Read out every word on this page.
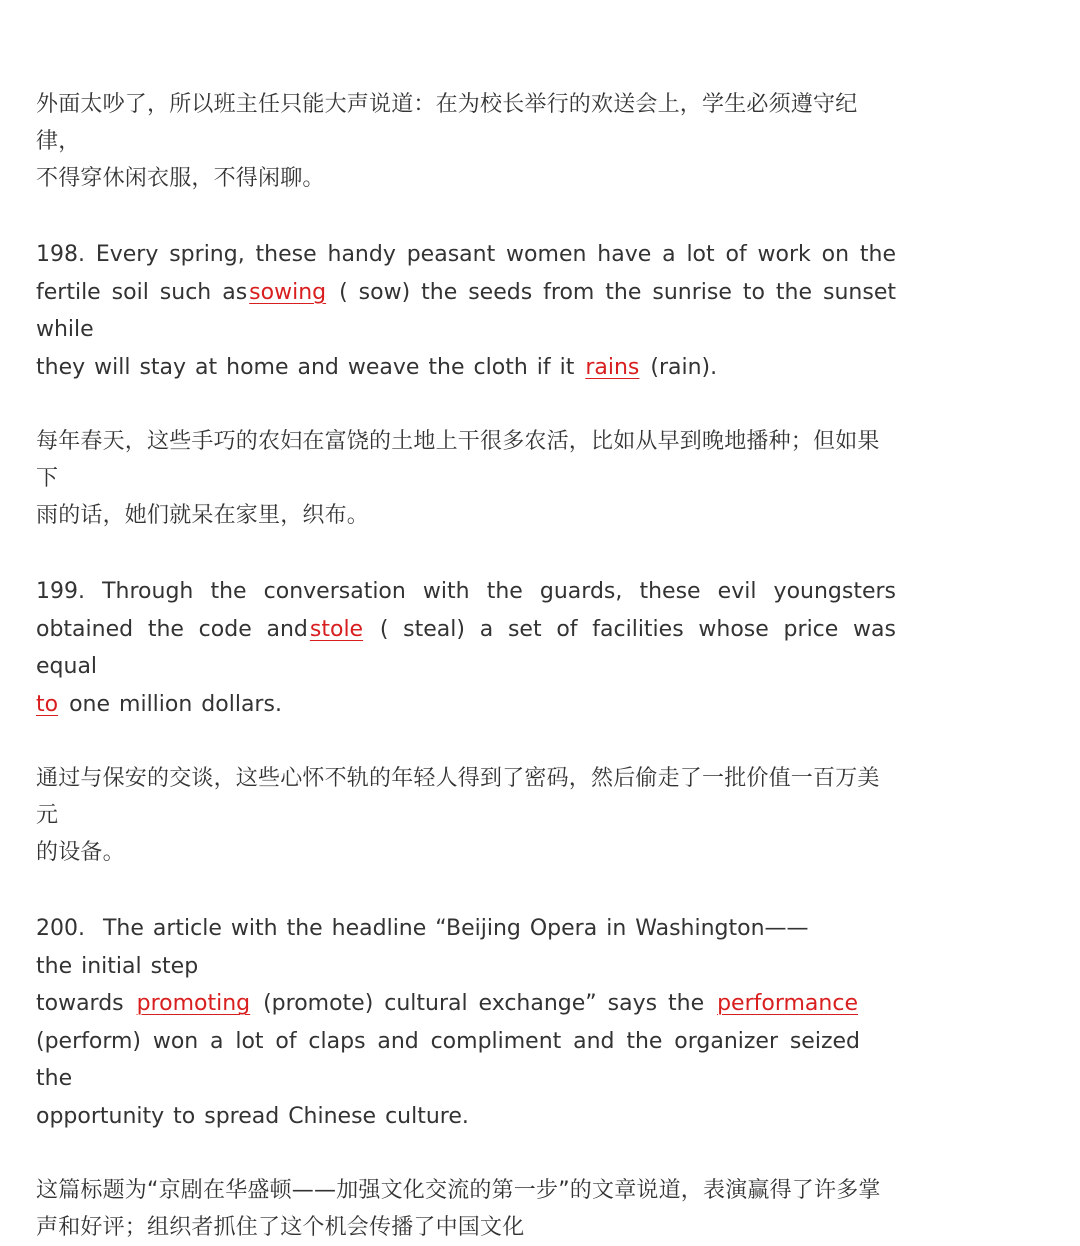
外面太吵了，所以班主任只能大声说道：在为校长举行的欢送会上，学生必须遵守纪律，
不得穿休闲衣服，不得闲聊。

198. Every spring, these handy peasant women have a lot of work on the
fertile soil such assowing ( sow) the seeds from the sunrise to the sunset while
they will stay at home and weave the cloth if it rains (rain).

每年春天，这些手巧的农妇在富饶的土地上干很多农活，比如从早到晚地播种；但如果下
雨的话，她们就呆在家里，织布。

199. Through the conversation with the guards, these evil youngsters
obtained the code andstole ( steal) a set of facilities whose price was equal
to one million dollars.

通过与保安的交谈，这些心怀不轨的年轻人得到了密码，然后偷走了一批价值一百万美元
的设备。

200. The article with the headline “Beijing Opera in Washington——
the initial step
towards promoting (promote) cultural exchange” says the performance
(perform) won a lot of claps and compliment and the organizer seized the
opportunity to spread Chinese culture.

这篇标题为“京剧在华盛顿——加强文化交流的第一步”的文章说道，表演赢得了许多掌
声和好评；组织者抓住了这个机会传播了中国文化
